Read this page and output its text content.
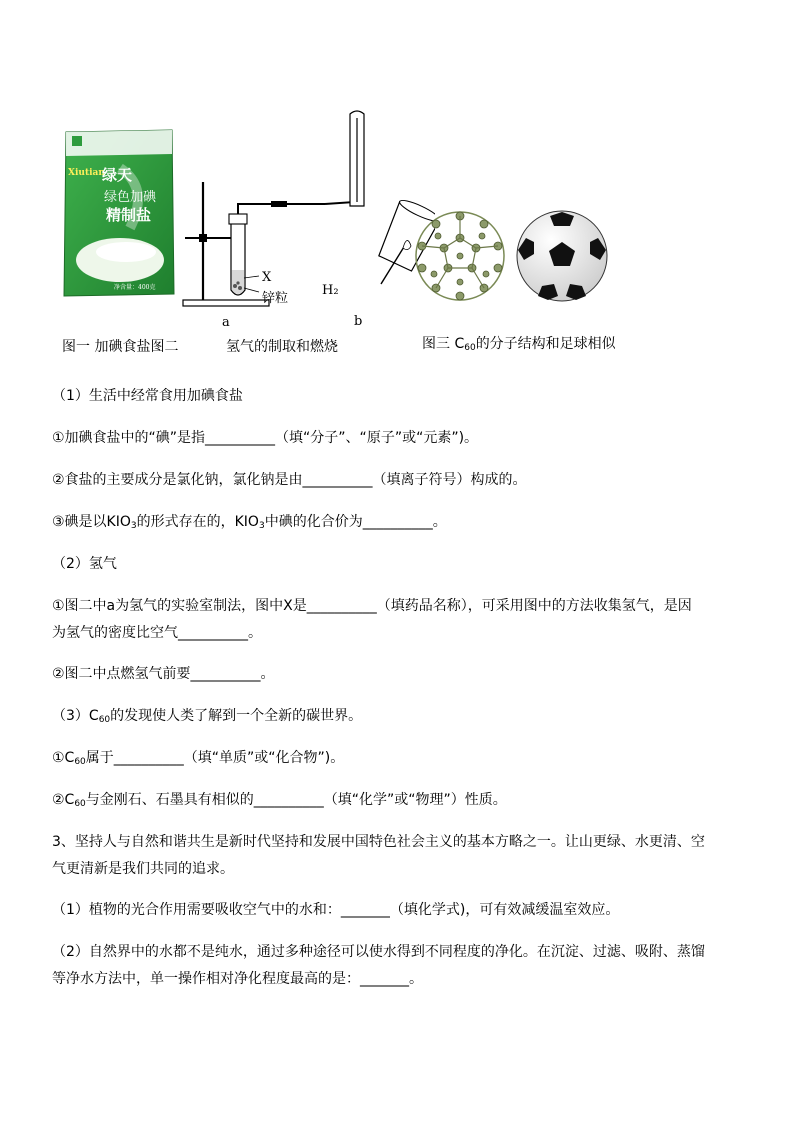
Xiutian
绿天
绿色加碘
精制盐
净含量：400克
X
锌粒
H₂
a	b
图一 加碘食盐图二	氢气的制取和燃烧	图三 $C_{60}$的分子结构和足球相似
（1）生活中经常食用加碘食盐
①加碘食盐中的“碘”是指__________（填“分子”、“原子”或“元素”)。
②食盐的主要成分是氯化钠，氯化钠是由__________（填离子符号）构成的。
③碘是以$KIO_3$的形式存在的，$KIO_3$中碘的化合价为__________。
（2）氢气
①图二中a为氢气的实验室制法，图中X是__________（填药品名称），可采用图中的方法收集氢气，是因
为氢气的密度比空气__________。
②图二中点燃氢气前要__________。
$(3)C_{60}$的发现使人类了解到一个全新的碳世界。
$①C_{60}$属于__________（填“单质”或“化合物”)。
$②C_{60}$与金刚石、石墨具有相似的__________（填“化学”或“物理”）性质。
3、坚持人与自然和谐共生是新时代坚持和发展中国特色社会主义的基本方略之一。让山更绿、水更清、空
气更清新是我们共同的追求。
（1）植物的光合作用需要吸收空气中的水和：_______（填化学式)，可有效减缓温室效应。
（2）自然界中的水都不是纯水，通过多种途径可以使水得到不同程度的净化。在沉淀、过滤、吸附、蒸馏
等净水方法中，单一操作相对净化程度最高的是：_______。
